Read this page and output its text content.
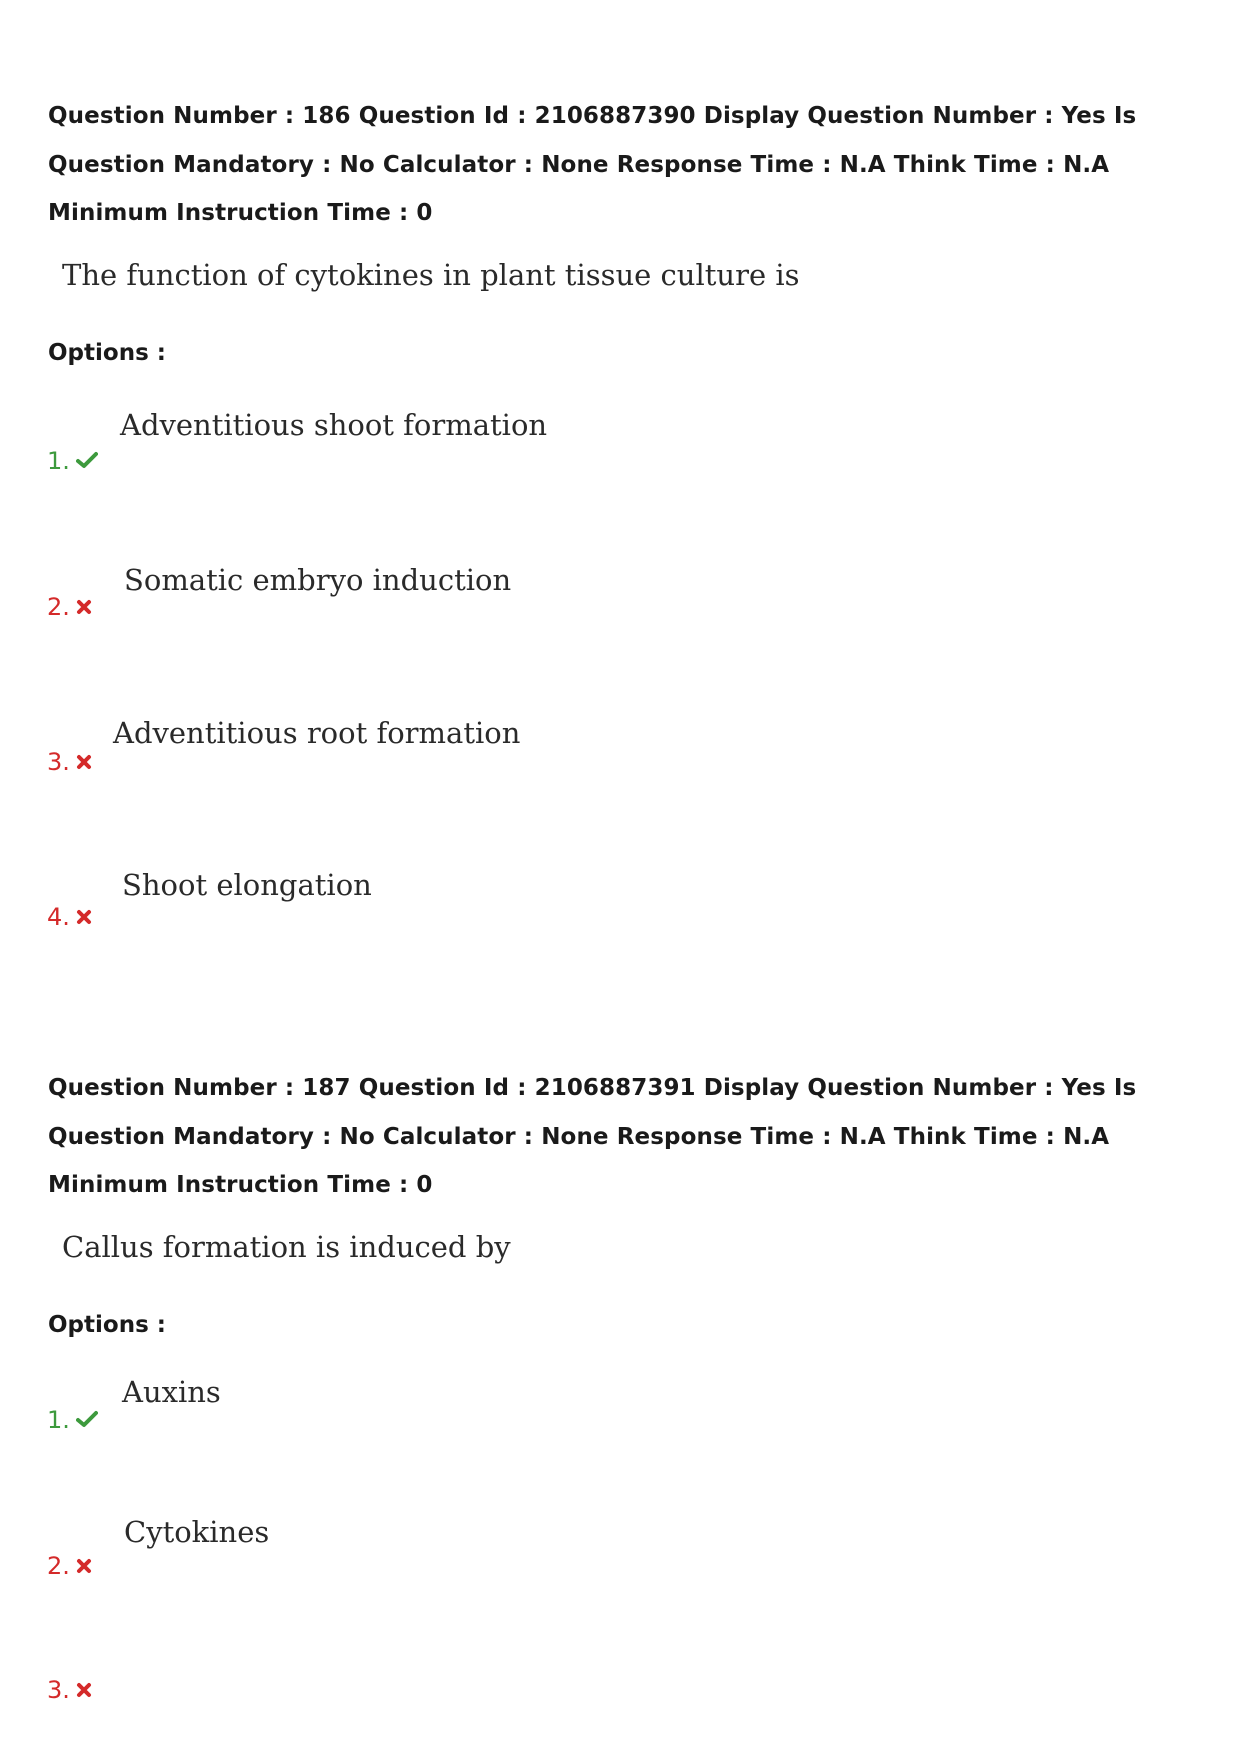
Question Number : 186 Question Id : 2106887390 Display Question Number : Yes Is Question Mandatory : No Calculator : None Response Time : N.A Think Time : N.A Minimum Instruction Time : 0
The function of cytokines in plant tissue culture is
Options :
Adventitious shoot formation
1.
Somatic embryo induction
2.
Adventitious root formation
3.
Shoot elongation
4.
Question Number : 187 Question Id : 2106887391 Display Question Number : Yes Is Question Mandatory : No Calculator : None Response Time : N.A Think Time : N.A Minimum Instruction Time : 0
Callus formation is induced by
Options :
Auxins
1.
Cytokines
2.
3.
